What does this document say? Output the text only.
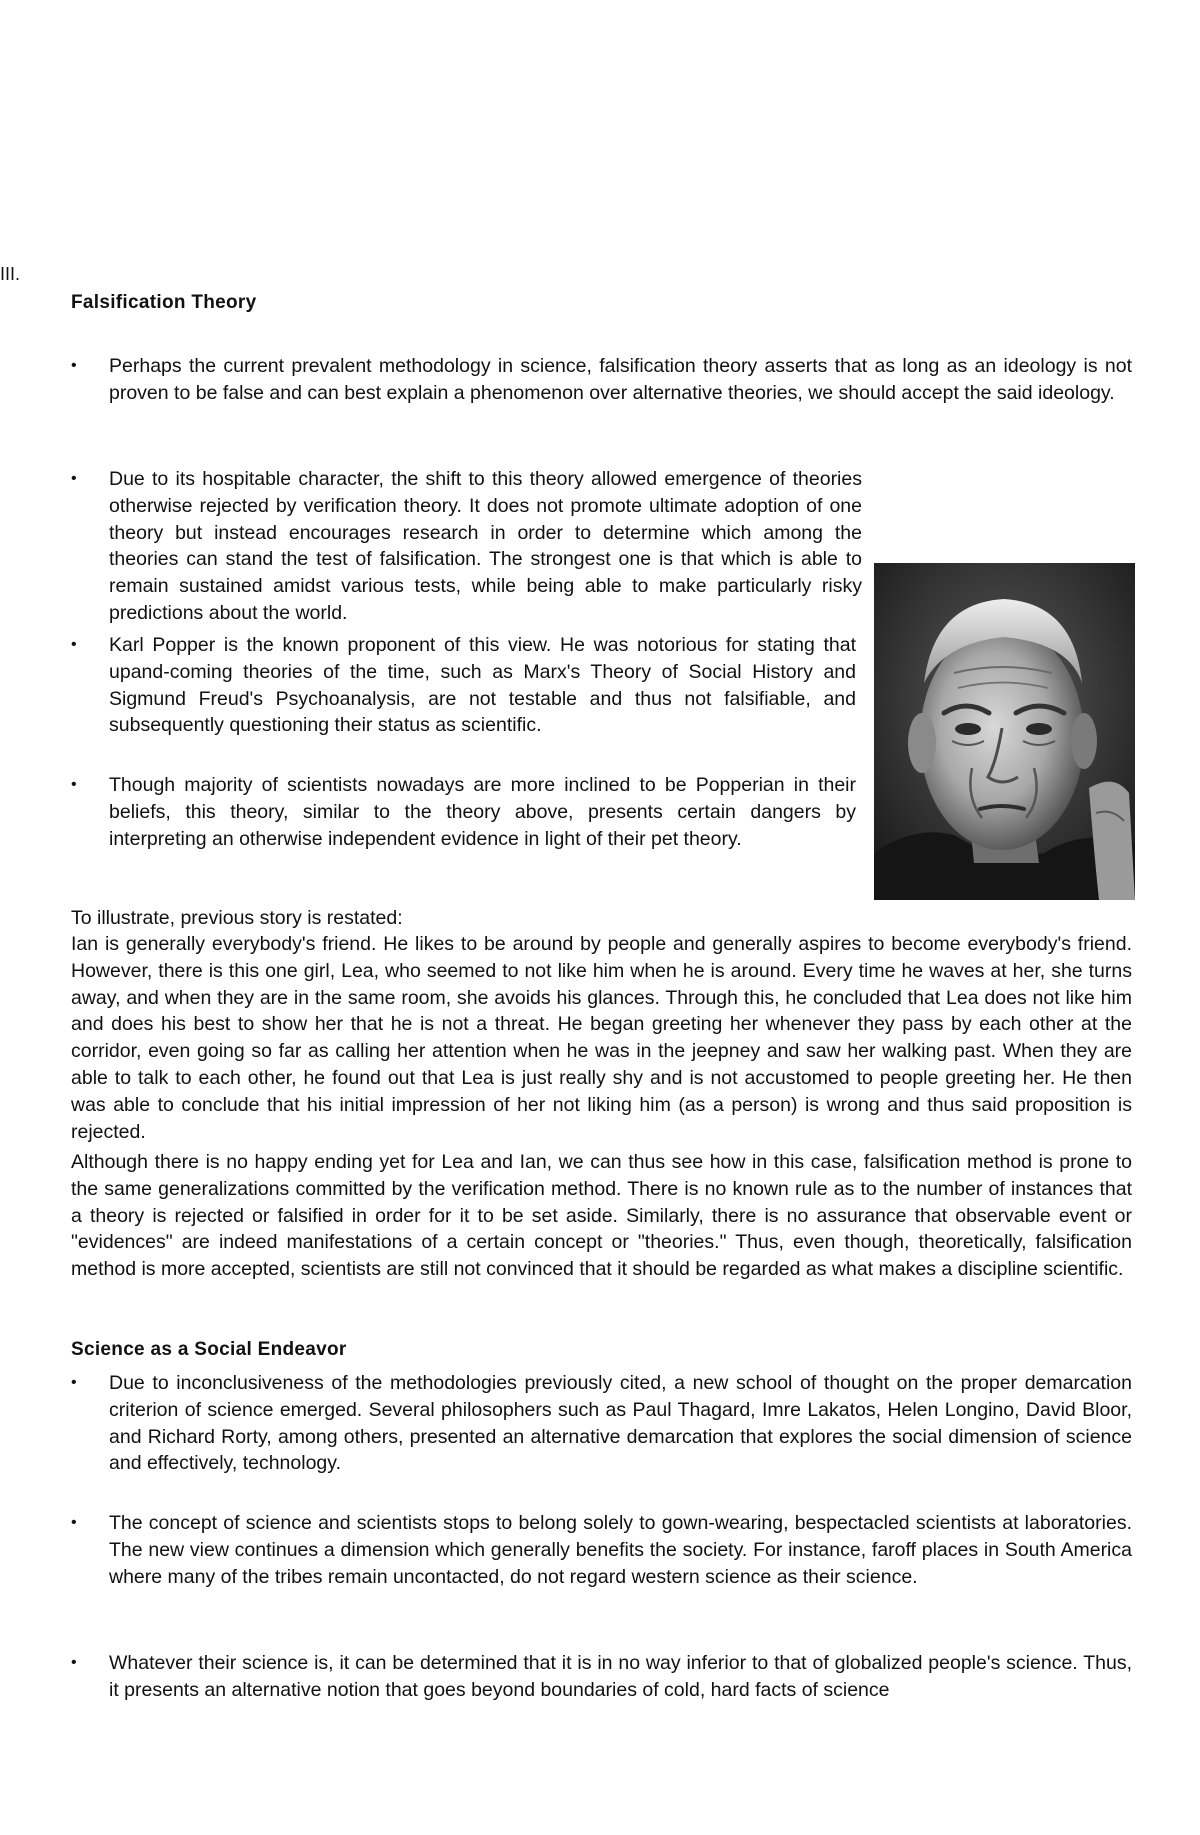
III.
Falsification Theory
• Perhaps the current prevalent methodology in science, falsification theory asserts that as long as an ideology is not proven to be false and can best explain a phenomenon over alternative theories, we should accept the said ideology.
• Due to its hospitable character, the shift to this theory allowed emergence of theories otherwise rejected by verification theory. It does not promote ultimate adoption of one theory but instead encourages research in order to determine which among the theories can stand the test of falsification. The strongest one is that which is able to remain sustained amidst various tests, while being able to make particularly risky predictions about the world.
• Karl Popper is the known proponent of this view. He was notorious for stating that upand-coming theories of the time, such as Marx's Theory of Social History and Sigmund Freud's Psychoanalysis, are not testable and thus not falsifiable, and subsequently questioning their status as scientific.
• Though majority of scientists nowadays are more inclined to be Popperian in their beliefs, this theory, similar to the theory above, presents certain dangers by interpreting an otherwise independent evidence in light of their pet theory.
To illustrate, previous story is restated:
Ian is generally everybody's friend. He likes to be around by people and generally aspires to become everybody's friend. However, there is this one girl, Lea, who seemed to not like him when he is around. Every time he waves at her, she turns away, and when they are in the same room, she avoids his glances. Through this, he concluded that Lea does not like him and does his best to show her that he is not a threat. He began greeting her whenever they pass by each other at the corridor, even going so far as calling her attention when he was in the jeepney and saw her walking past. When they are able to talk to each other, he found out that Lea is just really shy and is not accustomed to people greeting her. He then was able to conclude that his initial impression of her not liking him (as a person) is wrong and thus said proposition is rejected.
Although there is no happy ending yet for Lea and Ian, we can thus see how in this case, falsification method is prone to the same generalizations committed by the verification method. There is no known rule as to the number of instances that a theory is rejected or falsified in order for it to be set aside. Similarly, there is no assurance that observable event or "evidences" are indeed manifestations of a certain concept or "theories." Thus, even though, theoretically, falsification method is more accepted, scientists are still not convinced that it should be regarded as what makes a discipline scientific.
Science as a Social Endeavor
• Due to inconclusiveness of the methodologies previously cited, a new school of thought on the proper demarcation criterion of science emerged. Several philosophers such as Paul Thagard, Imre Lakatos, Helen Longino, David Bloor, and Richard Rorty, among others, presented an alternative demarcation that explores the social dimension of science and effectively, technology.
• The concept of science and scientists stops to belong solely to gown-wearing, bespectacled scientists at laboratories. The new view continues a dimension which generally benefits the society. For instance, faroff places in South America where many of the tribes remain uncontacted, do not regard western science as their science.
• Whatever their science is, it can be determined that it is in no way inferior to that of globalized people's science. Thus, it presents an alternative notion that goes beyond boundaries of cold, hard facts of science
